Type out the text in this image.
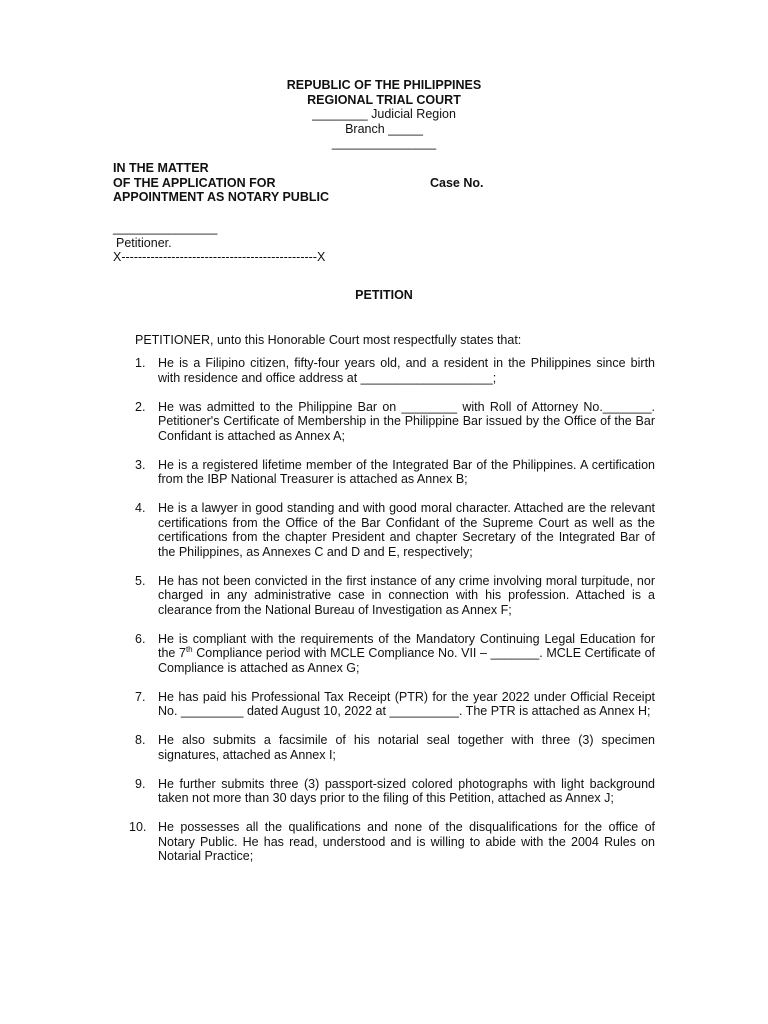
REPUBLIC OF THE PHILIPPINES
REGIONAL TRIAL COURT
________ Judicial Region
Branch _____
_______________
IN THE MATTER
OF THE APPLICATION FOR	Case No.
APPOINTMENT AS NOTARY PUBLIC
_______________
Petitioner.
X-----------------------------------------------X
PETITION
PETITIONER, unto this Honorable Court most respectfully states that:
1. He is a Filipino citizen, fifty-four years old, and a resident in the Philippines since birth with residence and office address at ___________________;
2. He was admitted to the Philippine Bar on ________ with Roll of Attorney No._______. Petitioner's Certificate of Membership in the Philippine Bar issued by the Office of the Bar Confidant is attached as Annex A;
3. He is a registered lifetime member of the Integrated Bar of the Philippines. A certification from the IBP National Treasurer is attached as Annex B;
4. He is a lawyer in good standing and with good moral character. Attached are the relevant certifications from the Office of the Bar Confidant of the Supreme Court as well as the certifications from the chapter President and chapter Secretary of the Integrated Bar of the Philippines, as Annexes C and D and E, respectively;
5. He has not been convicted in the first instance of any crime involving moral turpitude, nor charged in any administrative case in connection with his profession. Attached is a clearance from the National Bureau of Investigation as Annex F;
6. He is compliant with the requirements of the Mandatory Continuing Legal Education for the 7th Compliance period with MCLE Compliance No. VII – _______. MCLE Certificate of Compliance is attached as Annex G;
7. He has paid his Professional Tax Receipt (PTR) for the year 2022 under Official Receipt No. _________ dated August 10, 2022 at __________. The PTR is attached as Annex H;
8. He also submits a facsimile of his notarial seal together with three (3) specimen signatures, attached as Annex I;
9. He further submits three (3) passport-sized colored photographs with light background taken not more than 30 days prior to the filing of this Petition, attached as Annex J;
10. He possesses all the qualifications and none of the disqualifications for the office of Notary Public. He has read, understood and is willing to abide with the 2004 Rules on Notarial Practice;
